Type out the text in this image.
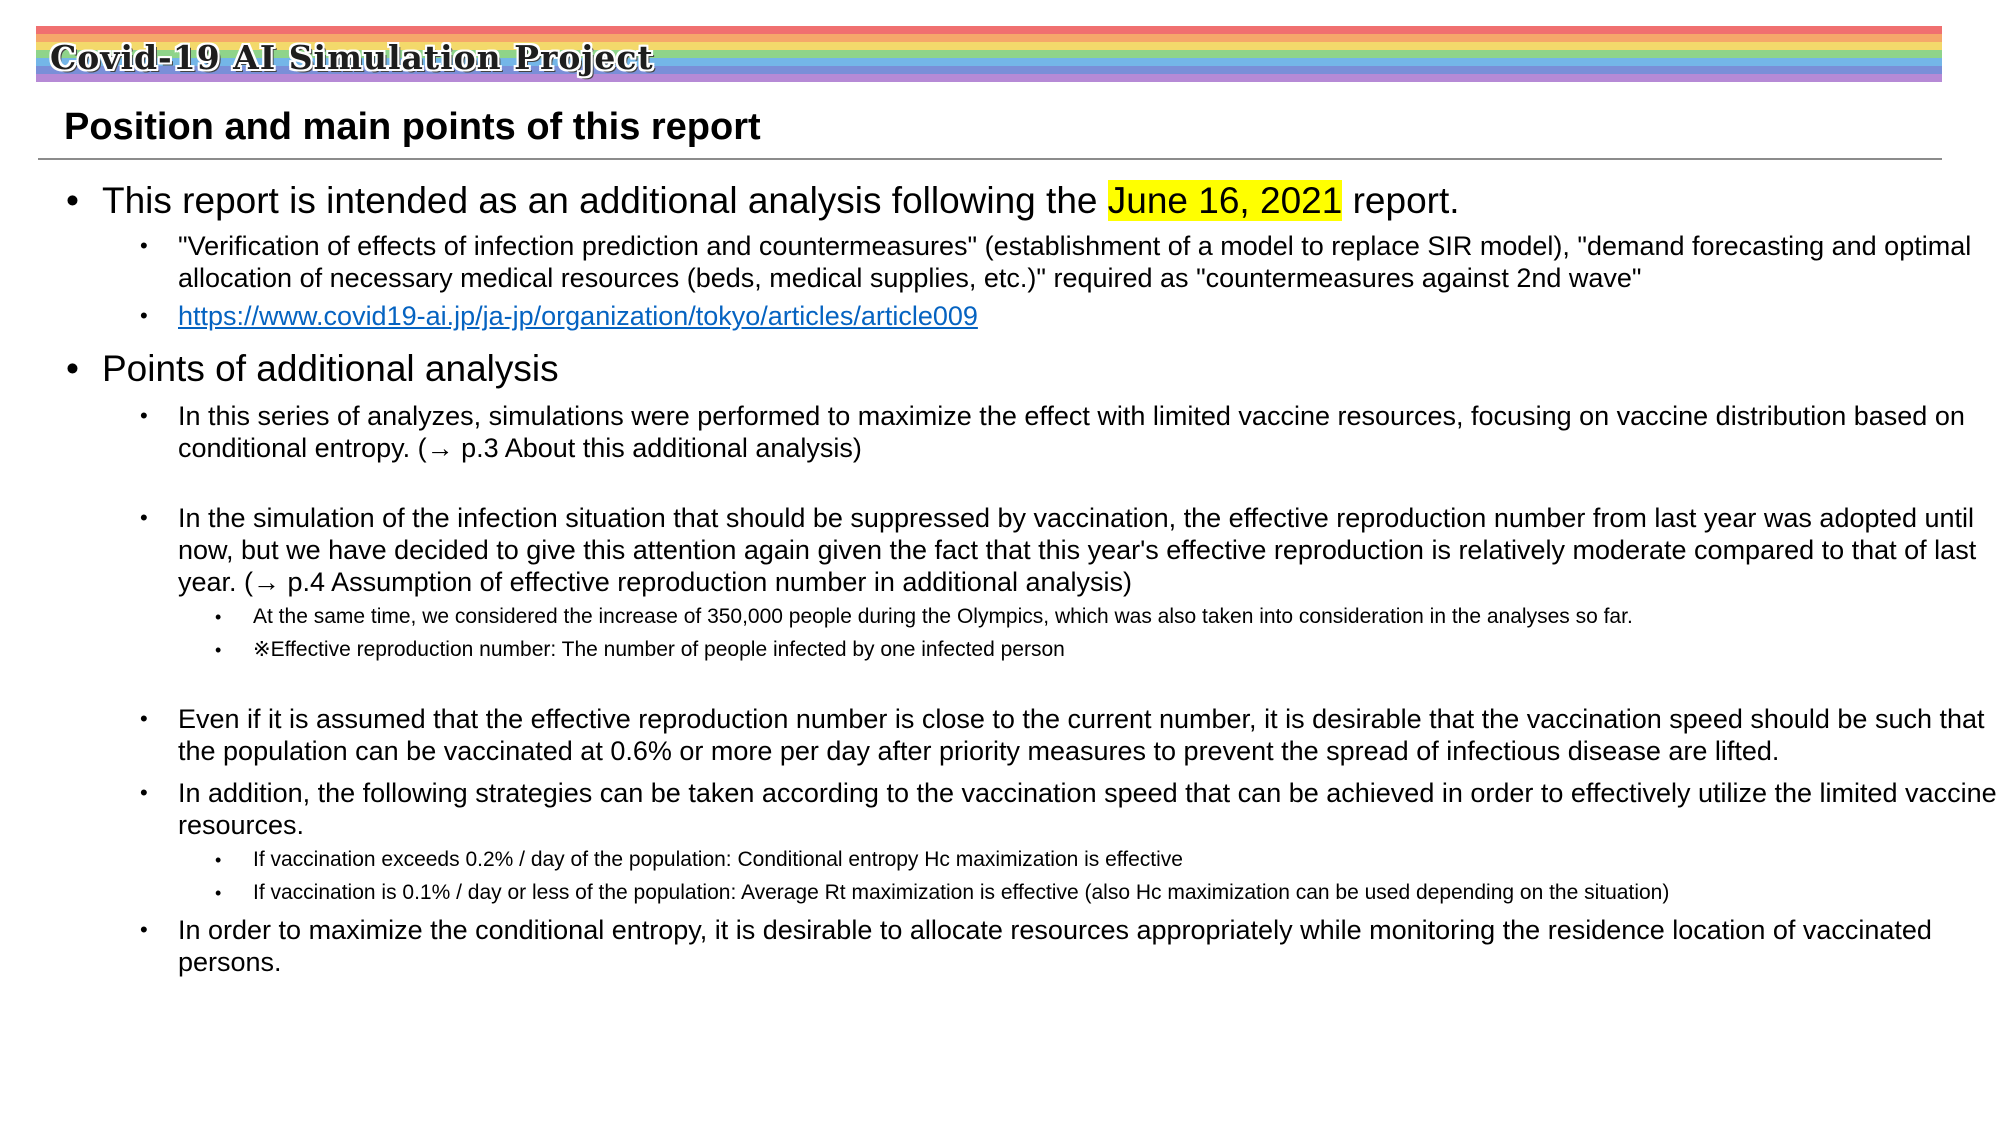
Covid-19 AI Simulation Project
Position and main points of this report
• This report is intended as an additional analysis following the June 16, 2021 report.
• "Verification of effects of infection prediction and countermeasures" (establishment of a model to replace SIR model), "demand forecasting and optimal allocation of necessary medical resources (beds, medical supplies, etc.)" required as "countermeasures against 2nd wave"
• https://www.covid19-ai.jp/ja-jp/organization/tokyo/articles/article009
• Points of additional analysis
• In this series of analyzes, simulations were performed to maximize the effect with limited vaccine resources, focusing on vaccine distribution based on conditional entropy. (→ p.3 About this additional analysis)
• In the simulation of the infection situation that should be suppressed by vaccination, the effective reproduction number from last year was adopted until now, but we have decided to give this attention again given the fact that this year's effective reproduction is relatively moderate compared to that of last year. (→ p.4 Assumption of effective reproduction number in additional analysis)
• At the same time, we considered the increase of 350,000 people during the Olympics, which was also taken into consideration in the analyses so far.
• ※Effective reproduction number: The number of people infected by one infected person
• Even if it is assumed that the effective reproduction number is close to the current number, it is desirable that the vaccination speed should be such that the population can be vaccinated at 0.6% or more per day after priority measures to prevent the spread of infectious disease are lifted.
• In addition, the following strategies can be taken according to the vaccination speed that can be achieved in order to effectively utilize the limited vaccine resources.
• If vaccination exceeds 0.2% / day of the population: Conditional entropy Hc maximization is effective
• If vaccination is 0.1% / day or less of the population: Average Rt maximization is effective (also Hc maximization can be used depending on the situation)
• In order to maximize the conditional entropy, it is desirable to allocate resources appropriately while monitoring the residence location of vaccinated persons.
